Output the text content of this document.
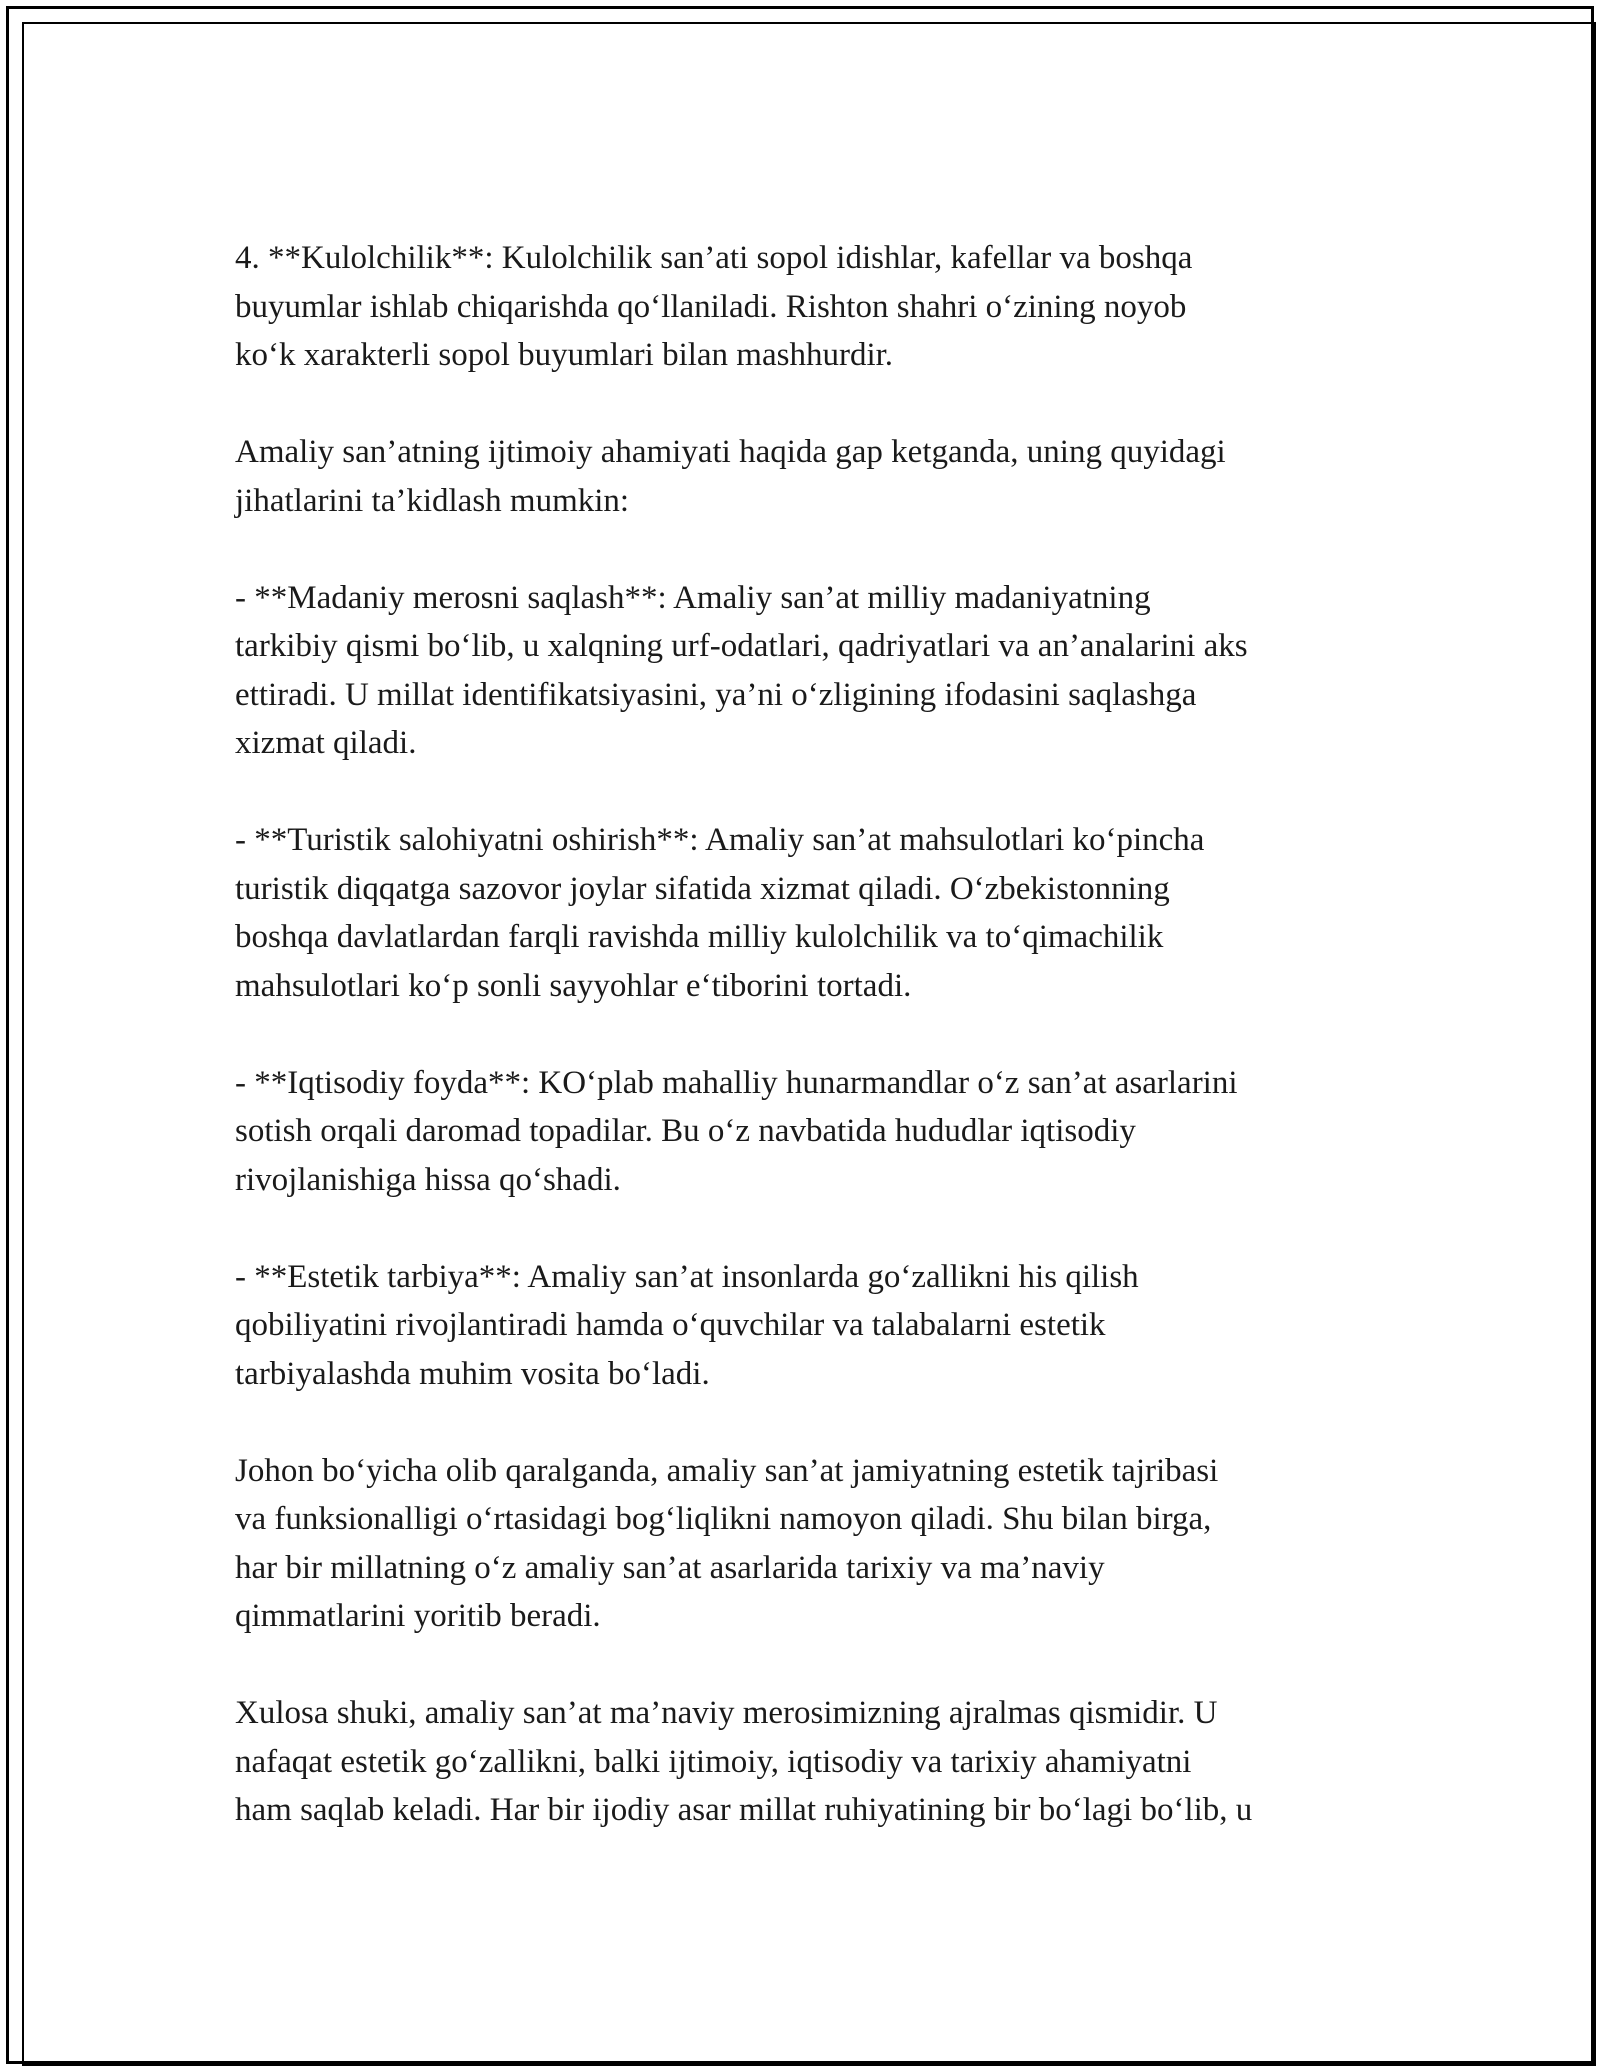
4. **Kulolchilik**: Kulolchilik san’ati sopol idishlar, kafellar va boshqa
buyumlar ishlab chiqarishda qo‘llaniladi. Rishton shahri o‘zining noyob
ko‘k xarakterli sopol buyumlari bilan mashhurdir.

Amaliy san’atning ijtimoiy ahamiyati haqida gap ketganda, uning quyidagi
jihatlarini ta’kidlash mumkin:

- **Madaniy merosni saqlash**: Amaliy san’at milliy madaniyatning
tarkibiy qismi bo‘lib, u xalqning urf-odatlari, qadriyatlari va an’analarini aks
ettiradi. U millat identifikatsiyasini, ya’ni o‘zligining ifodasini saqlashga
xizmat qiladi.

- **Turistik salohiyatni oshirish**: Amaliy san’at mahsulotlari ko‘pincha
turistik diqqatga sazovor joylar sifatida xizmat qiladi. O‘zbekistonning
boshqa davlatlardan farqli ravishda milliy kulolchilik va to‘qimachilik
mahsulotlari ko‘p sonli sayyohlar e‘tiborini tortadi.

- **Iqtisodiy foyda**: KO‘plab mahalliy hunarmandlar o‘z san’at asarlarini
sotish orqali daromad topadilar. Bu o‘z navbatida hududlar iqtisodiy
rivojlanishiga hissa qo‘shadi.

- **Estetik tarbiya**: Amaliy san’at insonlarda go‘zallikni his qilish
qobiliyatini rivojlantiradi hamda o‘quvchilar va talabalarni estetik
tarbiyalashda muhim vosita bo‘ladi.

Johon bo‘yicha olib qaralganda, amaliy san’at jamiyatning estetik tajribasi
va funksionalligi o‘rtasidagi bog‘liqlikni namoyon qiladi. Shu bilan birga,
har bir millatning o‘z amaliy san’at asarlarida tarixiy va ma’naviy
qimmatlarini yoritib beradi.

Xulosa shuki, amaliy san’at ma’naviy merosimizning ajralmas qismidir. U
nafaqat estetik go‘zallikni, balki ijtimoiy, iqtisodiy va tarixiy ahamiyatni
ham saqlab keladi. Har bir ijodiy asar millat ruhiyatining bir bo‘lagi bo‘lib, u
